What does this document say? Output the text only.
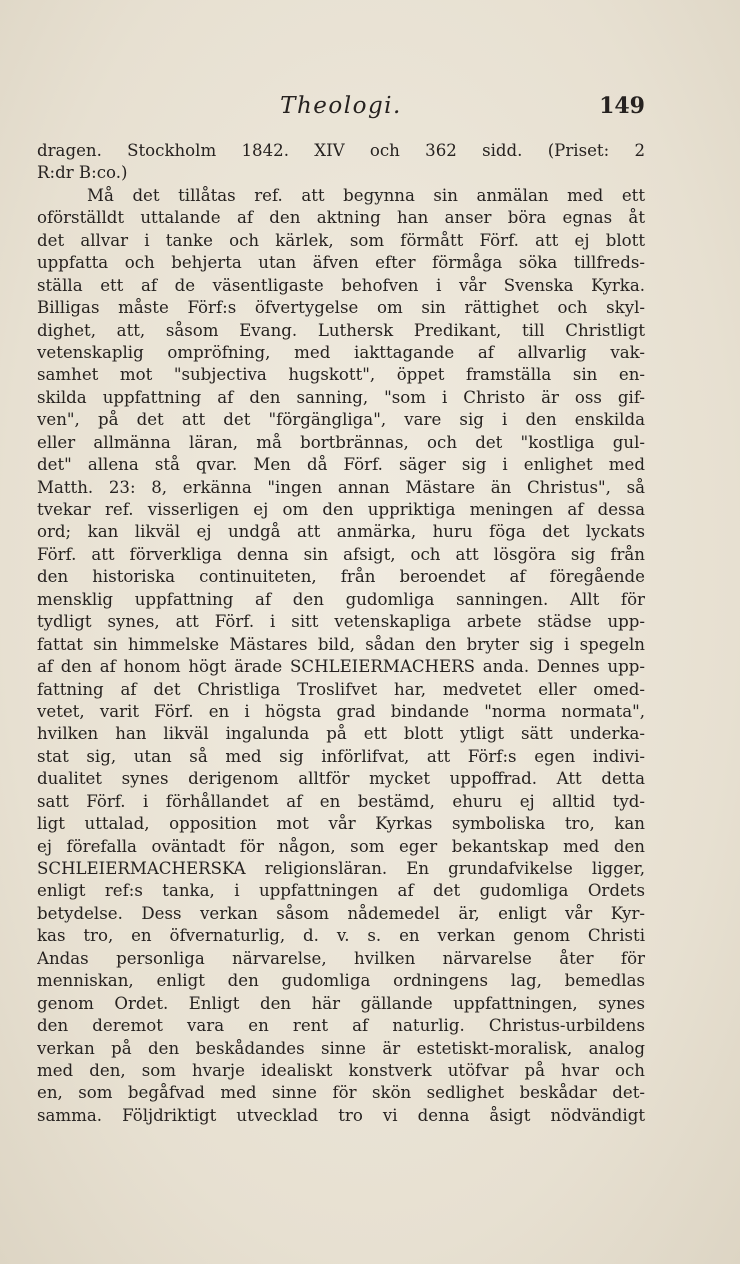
Theologi.	149
dragen. Stockholm 1842. XIV och 362 sidd. (Priset: 2
R:dr B:co.)
Må det tillåtas ref. att begynna sin anmälan med ett
oförställdt uttalande af den aktning han anser böra egnas åt
det allvar i tanke och kärlek, som förmått Förf. att ej blott
uppfatta och behjerta utan äfven efter förmåga söka tillfreds-
ställa ett af de väsentligaste behofven i vår Svenska Kyrka.
Billigas måste Förf:s öfvertygelse om sin rättighet och skyl-
dighet, att, såsom Evang. Luthersk Predikant, till Christligt
vetenskaplig ompröfning, med iakttagande af allvarlig vak-
samhet mot "subjectiva hugskott", öppet framställa sin en-
skilda uppfattning af den sanning, "som i Christo är oss gif-
ven", på det att det "förgängliga", vare sig i den enskilda
eller allmänna läran, må bortbrännas, och det "kostliga gul-
det" allena stå qvar. Men då Förf. säger sig i enlighet med
Matth. 23: 8, erkänna "ingen annan Mästare än Christus", så
tvekar ref. visserligen ej om den uppriktiga meningen af dessa
ord; kan likväl ej undgå att anmärka, huru föga det lyckats
Förf. att förverkliga denna sin afsigt, och att lösgöra sig från
den historiska continuiteten, från beroendet af föregående
mensklig uppfattning af den gudomliga sanningen. Allt för
tydligt synes, att Förf. i sitt vetenskapliga arbete städse upp-
fattat sin himmelske Mästares bild, sådan den bryter sig i spegeln
af den af honom högt ärade SCHLEIERMACHERS anda. Dennes upp-
fattning af det Christliga Troslifvet har, medvetet eller omed-
vetet, varit Förf. en i högsta grad bindande "norma normata",
hvilken han likväl ingalunda på ett blott ytligt sätt underka-
stat sig, utan så med sig införlifvat, att Förf:s egen indivi-
dualitet synes derigenom alltför mycket uppoffrad. Att detta
satt Förf. i förhållandet af en bestämd, ehuru ej alltid tyd-
ligt uttalad, opposition mot vår Kyrkas symboliska tro, kan
ej förefalla oväntadt för någon, som eger bekantskap med den
SCHLEIERMACHERSKA religionsläran. En grundafvikelse ligger,
enligt ref:s tanka, i uppfattningen af det gudomliga Ordets
betydelse. Dess verkan såsom nådemedel är, enligt vår Kyr-
kas tro, en öfvernaturlig, d. v. s. en verkan genom Christi
Andas personliga närvarelse, hvilken närvarelse åter för
menniskan, enligt den gudomliga ordningens lag, bemedlas
genom Ordet. Enligt den här gällande uppfattningen, synes
den deremot vara en rent af naturlig. Christus-urbildens
verkan på den beskådandes sinne är estetiskt-moralisk, analog
med den, som hvarje idealiskt konstverk utöfvar på hvar och
en, som begåfvad med sinne för skön sedlighet beskådar det-
samma. Följdriktigt utvecklad tro vi denna åsigt nödvändigt
